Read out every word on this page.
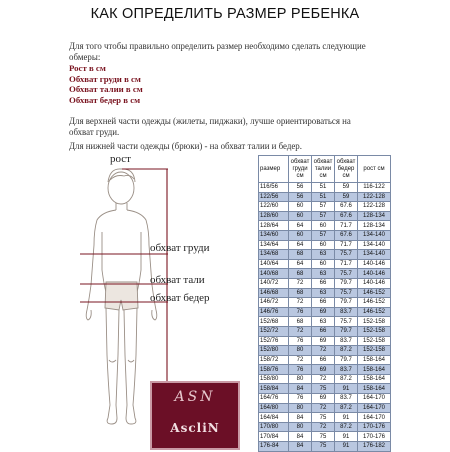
КАК ОПРЕДЕЛИТЬ РАЗМЕР РЕБЕНКА

Для того чтобы правильно определить размер необходимо сделать следующие обмеры:

Рост в см
Обхват груди в см
Обхват талии в см
Обхват бедер в см
Для верхней части одежды (жилеты, пиджаки), лучше ориентироваться на обхват груди.
Для нижней части одежды (брюки) - на обхват талии и бедер.
рост
обхват груди
обхват тали
обхват бедер
ASN
AscliN
размер	обхват груди см	обхват талии см	обхват бедер см	рост см
116/56	56	51	59	116-122
122/56	56	51	59	122-128
122/60	60	57	67.6	122-128
128/60	60	57	67.6	128-134
128/64	64	60	71.7	128-134
134/60	60	57	67.6	134-140
134/64	64	60	71.7	134-140
134/68	68	63	75.7	134-140
140/64	64	60	71.7	140-146
140/68	68	63	75.7	140-146
140/72	72	66	79.7	140-146
146/68	68	63	75.7	146-152
146/72	72	66	79.7	146-152
146/76	76	69	83.7	146-152
152/68	68	63	75.7	152-158
152/72	72	66	79.7	152-158
152/76	76	69	83.7	152-158
152/80	80	72	87.2	152-158
158/72	72	66	79.7	158-164
158/76	76	69	83.7	158-164
158/80	80	72	87.2	158-164
158/84	84	75	91	158-164
164/76	76	69	83.7	164-170
164/80	80	72	87.2	164-170
164/84	84	75	91	164-170
170/80	80	72	87.2	170-176
170/84	84	75	91	170-176
176-84	84	75	91	176-182
